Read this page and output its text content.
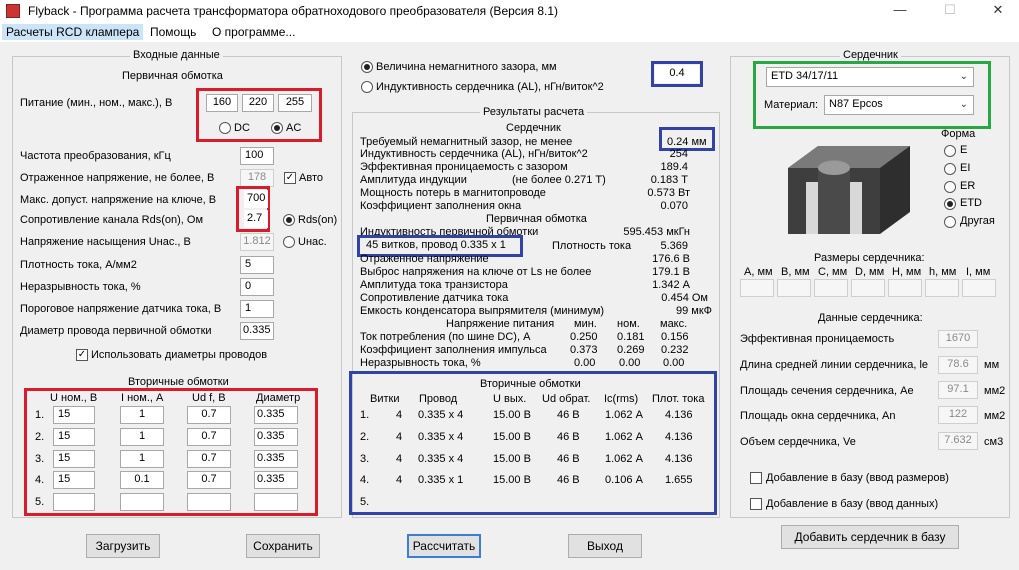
Flyback - Программа расчета трансформатора обратноходового преобразователя (Версия 8.1)	—	☐	✕
Расчеты RCD клампера Помощь	О программе...
Входные данные
Первичная обмотка
Питание (мин., ном., макс.), В	160	220	255
DC	AC
Частота преобразования, кГц	100
Отраженное напряжение, не более, В	178	✓ Авто
Макс. допуст. напряжение на ключе, В	700
Сопротивление канала Rds(on), Ом	2.7	Rds(on)
Напряжение насыщения Uнас., В	1.812 Uнас.
Плотность тока, А/мм2	5
Неразрывность тока, %	0
Пороговое напряжение датчика тока, В	1
Диаметр провода первичной обмотки	0.335
✓ Использовать диаметры проводов
Вторичные обмотки
U ном., В I ном., А	Ud f, В	Диаметр
1.	15	1	0.7	0.335
2.	15	1	0.7	0.335
3.	15	1	0.7	0.335
4.	15	0.1	0.7	0.335
5.
Величина немагнитного зазора, мм
Индуктивность сердечника (AL), нГн/виток^2
0.4
Результаты расчета
Сердечник
Требуемый немагнитный зазор, не менее	0.24 мм
Индуктивность сердечника (AL), нГн/виток^2	254
Эффективная проницаемость с зазором	189.4
Амплитуда индукции	(не более 0.271 Т)	0.183 Т
Мощность потерь в магнитопроводе	0.573 Вт
Коэффициент заполнения окна	0.070
Первичная обмотка
Индуктивность первичной обмотки	595.453 мкГн
45 витков, провод 0.335 x 1	Плотность тока	5.369
Отраженное напряжение	176.6 В
Выброс напряжения на ключе от Ls не более	179.1 В
Амплитуда тока транзистора	1.342 А
Сопротивление датчика тока	0.454 Ом
Емкость конденсатора выпрямителя (минимум)	99 мкФ
Напряжение питания мин. ном. макс.
Ток потребления (по шине DC), А	0.250 0.181 0.156
Коэффициент заполнения импульса 0.373 0.269 0.232
Неразрывность тока, %	0.00 0.00 0.00
Вторичные обмотки
Витки Провод	U вых. Ud обрат. Ic(rms) Плот. тока
1. 4 0.335 x 4	15.00 В 46 В 1.062 А 4.136
2. 4 0.335 x 4	15.00 В 46 В 1.062 А 4.136
3. 4 0.335 x 4	15.00 В 46 В 1.062 А 4.136
4. 4 0.335 x 1	15.00 В 46 В 0.106 А 1.655
5.
Сердечник
ETD 34/17/11	⌄
Материал: N87 Epcos	⌄
Форма
E
EI
ER
ETD
Другая
Размеры сердечника:
A, мм B, мм C, мм D, мм H, мм h, мм I, мм
Данные сердечника:
Эффективная проницаемость	1670
Длина средней линии сердечника, le	78.6	мм
Площадь сечения сердечника, Ae	97.1	мм2
Площадь окна сердечника, An	122	мм2
Объем сердечника, Ve	7.632	см3
Добавление в базу (ввод размеров)
Добавление в базу (ввод данных)
Загрузить	Сохранить	Рассчитать	Выход
Добавить сердечник в базу
